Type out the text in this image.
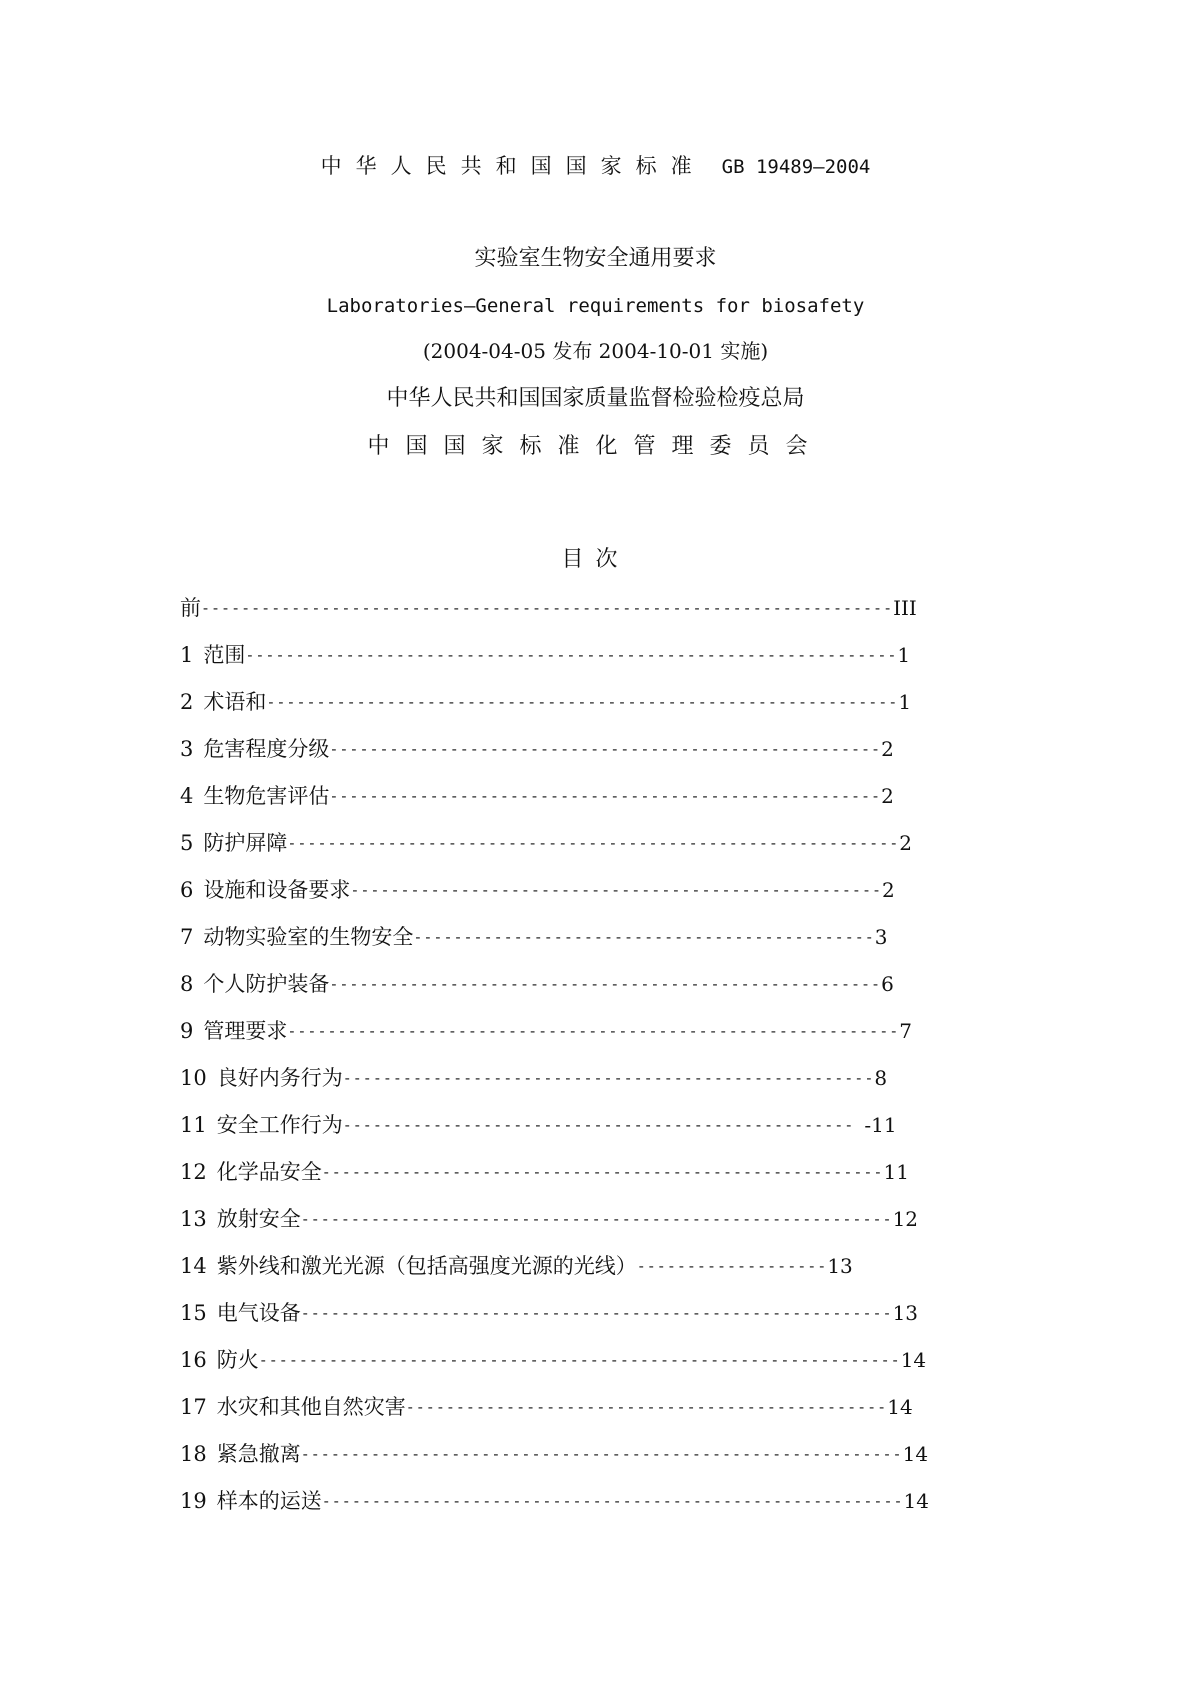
中华人民共和国国家标准 GB 19489—2004
实验室生物安全通用要求
Laboratories—General requirements for biosafety
(2004-04-05 发布 2004-10-01 实施)
中华人民共和国国家质量监督检验检疫总局
中国国家标准化管理委员会
目次
前---------------------------------------------------------------------III
1 范围-----------------------------------------------------------------1
2 术语和---------------------------------------------------------------1
3 危害程度分级-------------------------------------------------------2
4 生物危害评估-------------------------------------------------------2
5 防护屏障-------------------------------------------------------------2
6 设施和设备要求-----------------------------------------------------2
7 动物实验室的生物安全----------------------------------------------3
8 个人防护装备-------------------------------------------------------6
9 管理要求-------------------------------------------------------------7
10 良好内务行为-----------------------------------------------------8
11 安全工作行为--------------------------------------------------- -11
12 化学品安全--------------------------------------------------------11
13 放射安全-----------------------------------------------------------12
14 紫外线和激光光源（包括高强度光源的光线）-------------------13
15 电气设备-----------------------------------------------------------13
16 防火----------------------------------------------------------------14
17 水灾和其他自然灾害------------------------------------------------14
18 紧急撤离------------------------------------------------------------14
19 样本的运送----------------------------------------------------------14
